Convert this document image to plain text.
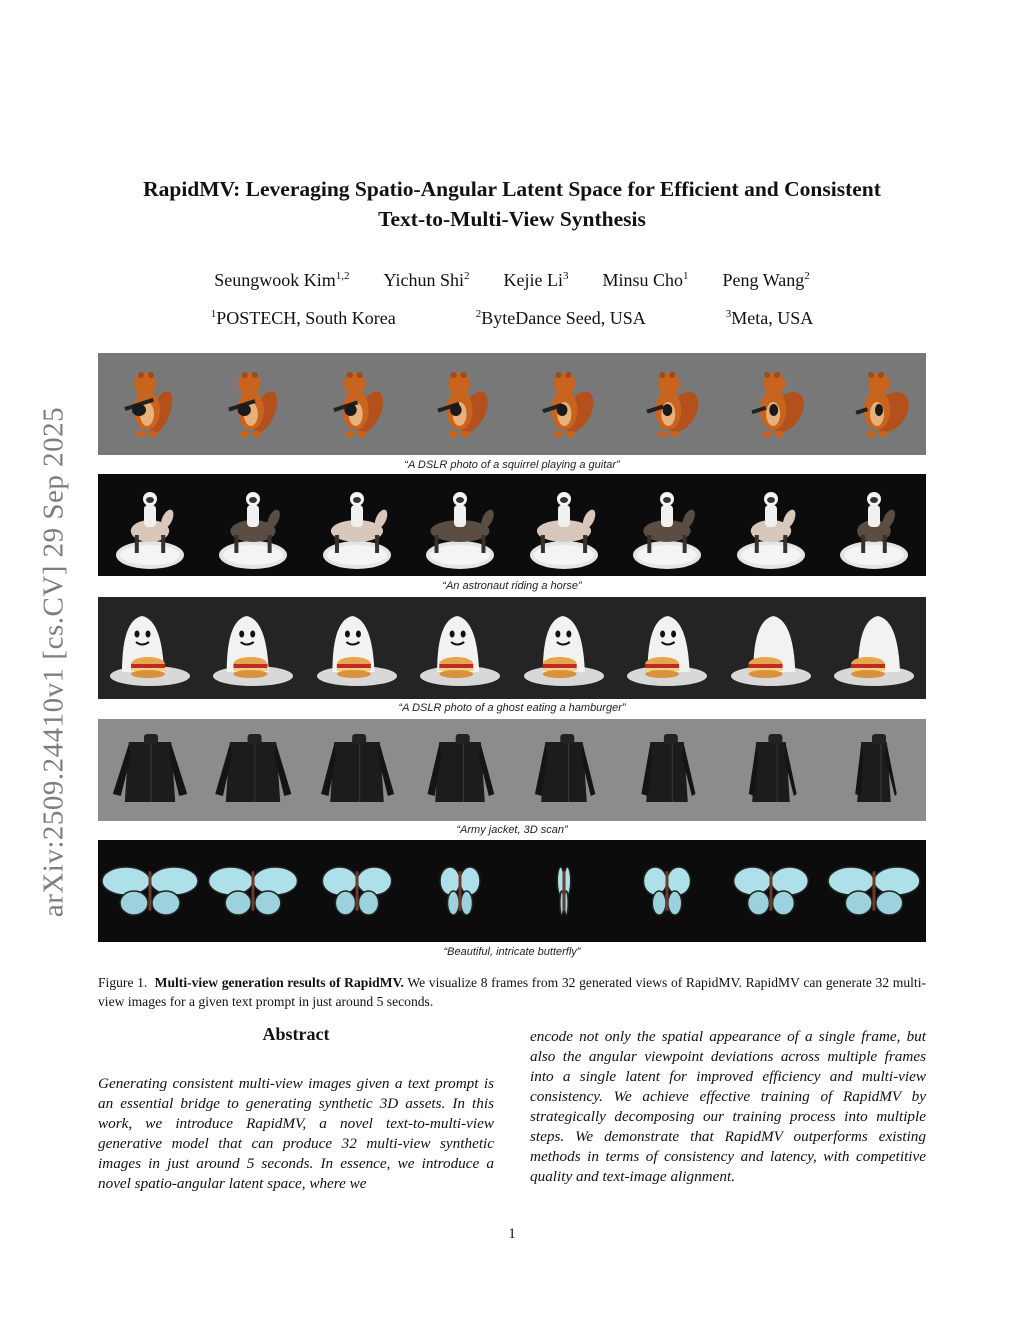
arXiv:2509.24410v1 [cs.CV] 29 Sep 2025
RapidMV: Leveraging Spatio-Angular Latent Space for Efficient and Consistent
Text-to-Multi-View Synthesis
Seungwook Kim$^{1,2}$ Yichun Shi$^2$ Kejie Li$^3$ Minsu Cho$^1$ Peng Wang$^2$
$^1$POSTECH, South Korea	$^2$ByteDance Seed, USA	$^3$Meta, USA
“A DSLR photo of a squirrel playing a guitar”
“An astronaut riding a horse”
“A DSLR photo of a ghost eating a hamburger”
“Army jacket, 3D scan”
“Beautiful, intricate butterfly”
Figure 1. Multi-view generation results of RapidMV. We visualize 8 frames from 32 generated views of RapidMV. RapidMV can generate 32 multi-view images for a given text prompt in just around 5 seconds.
Abstract
Generating consistent multi-view images given a text prompt is an essential bridge to generating synthetic 3D assets. In this work, we introduce RapidMV, a novel text-to-multi-view generative model that can produce 32 multi-view synthetic images in just around 5 seconds. In essence, we introduce a novel spatio-angular latent space, where we
encode not only the spatial appearance of a single frame, but also the angular viewpoint deviations across multiple frames into a single latent for improved efficiency and multi-view consistency. We achieve effective training of RapidMV by strategically decomposing our training process into multiple steps. We demonstrate that RapidMV outperforms existing methods in terms of consistency and latency, with competitive quality and text-image alignment.
1
